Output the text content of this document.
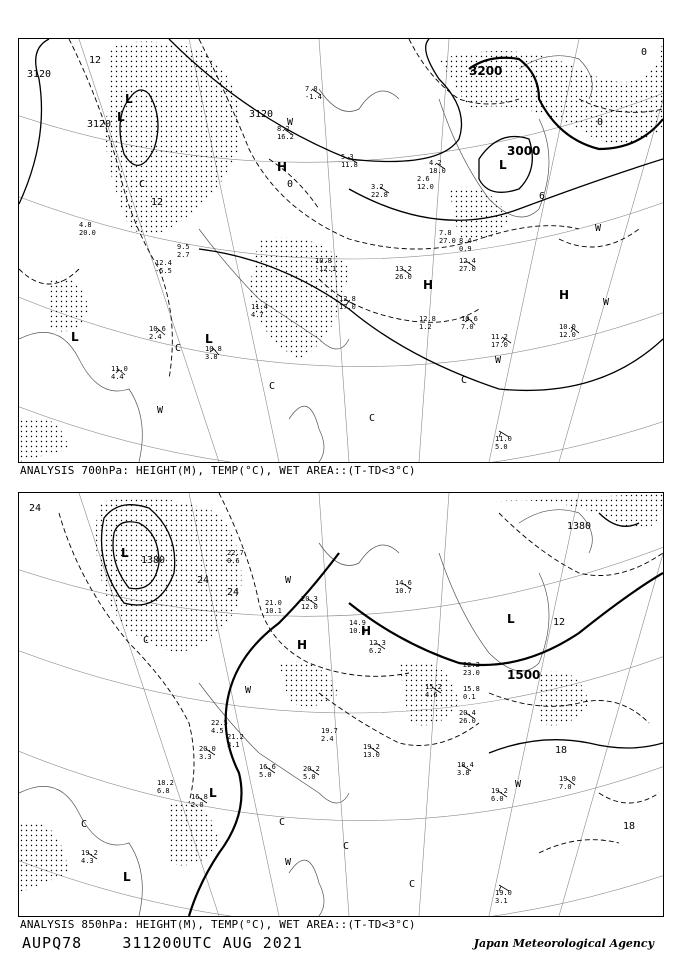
3120
3120
3120
3200
3000
12
12
0
0
0
6
C
C
C
C
C
W
W
W
W
W
L
L	L
L
L
H
H
H
11.0
5.0
10.6
7.0
11.2
17.0
10.0
12.0
12.8
17.0
10.8
3.8
10.6
2.4
11.0
4.4
13.2
26.0
12.4
27.0
7.8
27.0 8.4
0.9
5.3
11.8
3.2
22.8
4.2
18.0
2.6
12.0
8.2
16.2
7.0
-1.4
11.4
4.7	12.8
1.2
10.8
-12.1
9.5
2.7
12.4
-5.5
4.8
20.0
ANALYSIS 700hPa: HEIGHT(M), TEMP(°C), WET AREA::(T-TD<3°C)
1380
1380
1500
24
24
24
18
18
12
C
C	C
C
C
W
W
W
W
L
L
L
L
H
H
19.0
3.1
19.0
7.0
19.2
6.0
18.4
3.8
19.2
13.0
16.6
5.0
20.2
5.0
19.7
2.4
20.0
3.3
21.2
3.1
22.5
4.5
16.8
2.0
18.2
6.8
20.4
26.0
15.8
0.1
22.2
23.0
15.2
4.6
12.3
6.2
14.9
10.6
14.6
10.7
20.3
12.0
21.0
10.1
22.7
0.6
19.2
4.3
ANALYSIS 850hPa: HEIGHT(M), TEMP(°C), WET AREA::(T-TD<3°C)
AUPQ78	311200UTC AUG 2021	Japan Meteorological Agency
